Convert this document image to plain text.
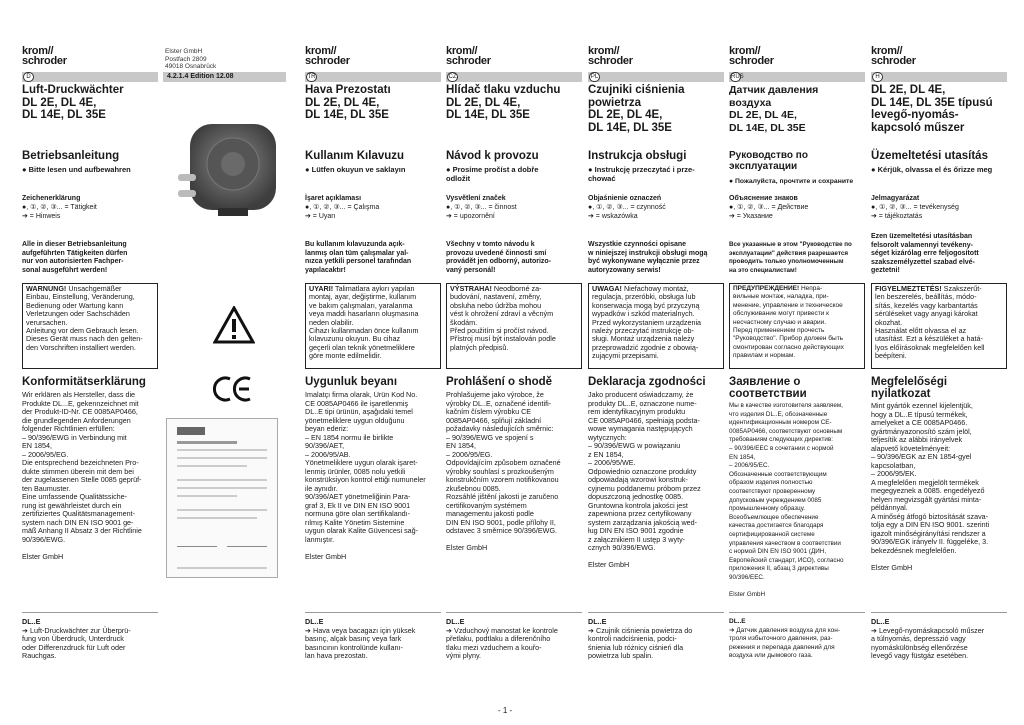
krom//
schroder
D
Luft-Druckwächter
DL 2E, DL 4E,
DL 14E, DL 35E
Betriebsanleitung
● Bitte lesen und aufbewahren
Zeichenerklärung
●, ①, ②, ③... = Tätigkeit
➔ = Hinweis
Alle in dieser Betriebsanleitung
aufgeführten Tätigkeiten dürfen
nur von autorisierten Fachper-
sonal ausgeführt werden!
WARNUNG! Unsachgemäßer
Einbau, Einstellung, Veränderung,
Bedienung oder Wartung kann
Verletzungen oder Sachschäden
verursachen.
Anleitung vor dem Gebrauch lesen.
Dieses Gerät muss nach den gelten-
den Vorschriften installiert werden.
Konformitätserklärung
Wir erklären als Hersteller, dass die
Produkte DL...E, gekennzeichnet mit
der Produkt-ID-Nr. CE 0085AP0466,
die grundlegenden Anforderungen
folgender Richtlinien erfüllen:
– 90/396/EWG in Verbindung mit
EN 1854,
– 2006/95/EG.
Die entsprechend bezeichneten Pro-
dukte stimmen überein mit dem bei
der zugelassenen Stelle 0085 geprüf-
ten Baumuster.
Eine umfassende Qualitätssiche-
rung ist gewährleistet durch ein
zertifiziertes Qualitätsmanagement-
system nach DIN EN ISO 9001 ge-
mäß Anhang II Absatz 3 der Richtlinie
90/396/EWG.

Elster GmbH
DL..E
➔ Luft-Druckwächter zur Überprü-
fung von Überdruck, Unterdruck
oder Differenzdruck für Luft oder
Rauchgas.
Elster GmbH
Postfach 2809
49018 Osnabrück
4.2.1.4 Edition 12.08
- 1 -
krom//
schroder
TR
Hava Prezostatı
DL 2E, DL 4E,
DL 14E, DL 35E
Kullanım Kılavuzu
● Lütfen okuyun ve saklayın
İşaret açıklaması
●, ①, ②, ③... = Çalışma
➔ = Uyarı
Bu kullanım kılavuzunda açık-
lanmış olan tüm çalışmalar yal-
nızca yetkili personel tarafından
yapılacaktır!
UYARI! Talimatlara aykırı yapılan
montaj, ayar, değiştirme, kullanım
ve bakım çalışmaları, yaralanma
veya maddi hasarların oluşmasına
neden olabilir.
Cihazı kullanmadan önce kullanım
kılavuzunu okuyun. Bu cihaz
geçerli olan teknik yönetmeliklere
göre monte edilmelidir.
Uygunluk beyanı
İmalatçı firma olarak, Ürün Kod No.
CE 0085AP0466 ile işaretlenmiş
DL..E tipi ürünün, aşağıdaki temel
yönetmeliklere uygun olduğunu
beyan ederiz:
– EN 1854 normu ile birlikte
90/396/AET,
– 2006/95/AB.
Yönetmeliklere uygun olarak işaret-
lenmiş ürünler, 0085 nolu yetkili
konstrüksiyon kontrol ettiği numuneler
ile aynıdır.
90/396/AET yönetmeliğinin Para-
graf 3, Ek II ve DIN EN ISO 9001
normuna göre olan sertifikalandı-
rılmış Kalite Yönetim Sistemine
uygun olarak Kalite Güvencesi sağ-
lanmıştır.

Elster GmbH
DL..E
➔ Hava veya bacagazı için yüksek
basınç, alçak basınç veya fark
basıncının kontrolünde kullanı-
lan hava prezostatı.
krom//
schroder
CZ
Hlídač tlaku vzduchu
DL 2E, DL 4E,
DL 14E, DL 35E
Návod k provozu
● Prosíme pročíst a dobře
odložit
Vysvětlení značek
●, ①, ②, ③... = činnost
➔ = upozornění
Všechny v tomto návodu k
provozu uvedené činnosti smí
provádět jen odborný, autorizo-
vaný personál!
VÝSTRAHA! Neodborné za-
budování, nastavení, změny,
obsluha nebo údržba mohou
vést k ohrožení zdraví a věcným
škodám.
Před použitím si pročíst návod.
Přístroj musí být instalován podle
platných předpisů.
Prohlášení o shodě
Prohlašujeme jako výrobce, že
výrobky DL..E, označené identifi-
kačním číslem výrobku CE
0085AP0466, splňují základní
požadavky následujících směrnic:
– 90/396/EWG ve spojení s
EN 1854,
– 2006/95/EG.
Odpovídajícím způsobem označené
výrobky souhlasí s prozkoušeným
konstrukčním vzorem notifikovanou
zkušebnou 0085.
Rozsáhlé jištění jakosti je zaručeno
certifikovaným systémem
managementu jakosti podle
DIN EN ISO 9001, podle přílohy II,
odstavec 3 směrnice 90/396/EWG.

Elster GmbH
DL..E
➔ Vzduchový manostat ke kontrole
přetlaku, podtlaku a diferenčního
tlaku mezi vzduchem a kouřo-
vými plyny.
krom//
schroder
PL
Czujniki ciśnienia
powietrza
DL 2E, DL 4E,
DL 14E, DL 35E
Instrukcja obsługi
● Instrukcję przeczytać i prze-
chować
Objaśnienie oznaczeń
●, ①, ②, ③... = czynność
➔ = wskazówka
Wszystkie czynności opisane
w niniejszej instrukcji obsługi mogą
być wykonywane wyłącznie przez
autoryzowany serwis!
UWAGA! Niefachowy montaż,
regulacja, przeróbki, obsługa lub
konserwacja mogą być przyczyną
wypadków i szkód materialnych.
Przed wykorzystaniem urządzenia
należy przeczytać instrukcję ob-
sługi. Montaż urządzenia należy
przeprowadzić zgodnie z obowią-
zującymi przepisami.
Deklaracja zgodności
Jako producent oświadczamy, że
produkty DL..E, oznaczone nume-
rem identyfikacyjnym produktu
CE 0085AP0466, spełniają podsta-
wowe wymagania następujących
wytycznych:
– 90/396/EWG w powiązaniu
z EN 1854,
– 2006/95/WE.
Odpowiednio oznaczone produkty
odpowiadają wzorowi konstruk-
cyjnemu poddanemu próbom przez
dopuszczoną jednostkę 0085.
Gruntowna kontrola jakości jest
zapewniona przez certyfikowany
system zarządzania jakością wed-
ług DIN EN ISO 9001 zgodnie
z załącznikiem II ustęp 3 wyty-
cznych 90/396/EWG.

Elster GmbH
DL..E
➔ Czujnik ciśnienia powietrza do
kontroli nadciśnienia, podci-
śnienia lub różnicy ciśnień dla
powietrza lub spalin.
krom//
schroder
RUS
Датчик давления
воздуха
DL 2E, DL 4E,
DL 14E, DL 35E
Руководство по
эксплуатации
● Пожалуйста, прочтите и сохраните
Объяснение знаков
●, ①, ②, ③... = Действие
➔ = Указание
Все указанные в этом "Руководстве по
эксплуатации" действия разрешается
проводить только уполномоченным
на это специалистам!
ПРЕДУПРЕЖДЕНИЕ! Непра-
вильные монтаж, наладка, при-
менение, управление и техническое
обслуживание могут привести к
несчастному случаю и аварии.
Перед применением прочесть
"Руководство". Прибор должен быть
смонтирован согласно действующих
правилам и нормам.
Заявление о
соответствии
Мы в качестве изготовителя заявляем,
что изделия DL..E, обозначенные
идентификационным номером CE-
0085AP0466, соответствуют основным
требованиям следующих директив:
– 90/396/EEC в сочетании с нормой
EN 1854,
– 2006/95/EC.
Обозначенные соответствующим
образом изделия полностью
соответствуют проверенному
допусковым учреждением 0085
промышленному образцу.
Всеобъемлющее обеспечение
качества достигается благодаря
сертифицированной системе
управления качеством в соответствии
с нормой DIN EN ISO 9001 (ДИН,
Европейский стандарт, ИСО), согласно
приложения II, абзац 3 директивы
90/396/EEC.

Elster GmbH
DL..E
➔ Датчик давления воздуха для кон-
троля избыточного давления, раз-
режения и перепада давлений для
воздуха или дымового газа.
krom//
schroder
H
DL 2E, DL 4E,
DL 14E, DL 35E típusú
levegő-nyomás-
kapcsoló műszer
Üzemeltetési utasítás
● Kérjük, olvassa el és őrizze meg
Jelmagyarázat
●, ①, ②, ③... = tevékenység
➔ = tájékoztatás
Ezen üzemeltetési utasításban
felsorolt valamennyi tevékeny-
séget kizárólag erre feljogosított
szakszemélyzettel szabad elvé-
geztetni!
FIGYELMEZTETÉS! Szakszerűt-
len beszerelés, beállítás, módo-
sítás, kezelés vagy karbantartás
sérüléseket vagy anyagi károkat
okozhat.
Használat előtt olvassa el az
utasítást. Ezt a készüléket a hatá-
lyos előírásoknak megfelelően kell
beépíteni.
Megfelelőségi
nyilatkozat
Mint gyártók ezennel kijelentjük,
hogy a DL..E típusú termékek,
amelyeket a CE 0085AP0466.
gyártmányazonosító szám jelöl,
teljesítik az alábbi irányelvek
alapvető követelményeit:
– 90/396/EGK az EN 1854-gyel
kapcsolatban,
– 2006/95/EK.
A megfelelően megjelölt termékek
megegyeznek a 0085. engedélyező
helyen megvizsgált gyártási minta-
példánnyal.
A minőség átfogó biztosítását szava-
tolja egy a DIN EN ISO 9001. szerinti
igazolt minőségirányítási rendszer a
90/396/EGK irányelv II. függeléke, 3.
bekezdésnek megfelelően.

Elster GmbH
DL..E
➔ Levegő-nyomáskapcsoló műszer
a túlnyomás, depresszió vagy
nyomáskülönbség ellenőrzése
levegő vagy füstgáz esetében.
